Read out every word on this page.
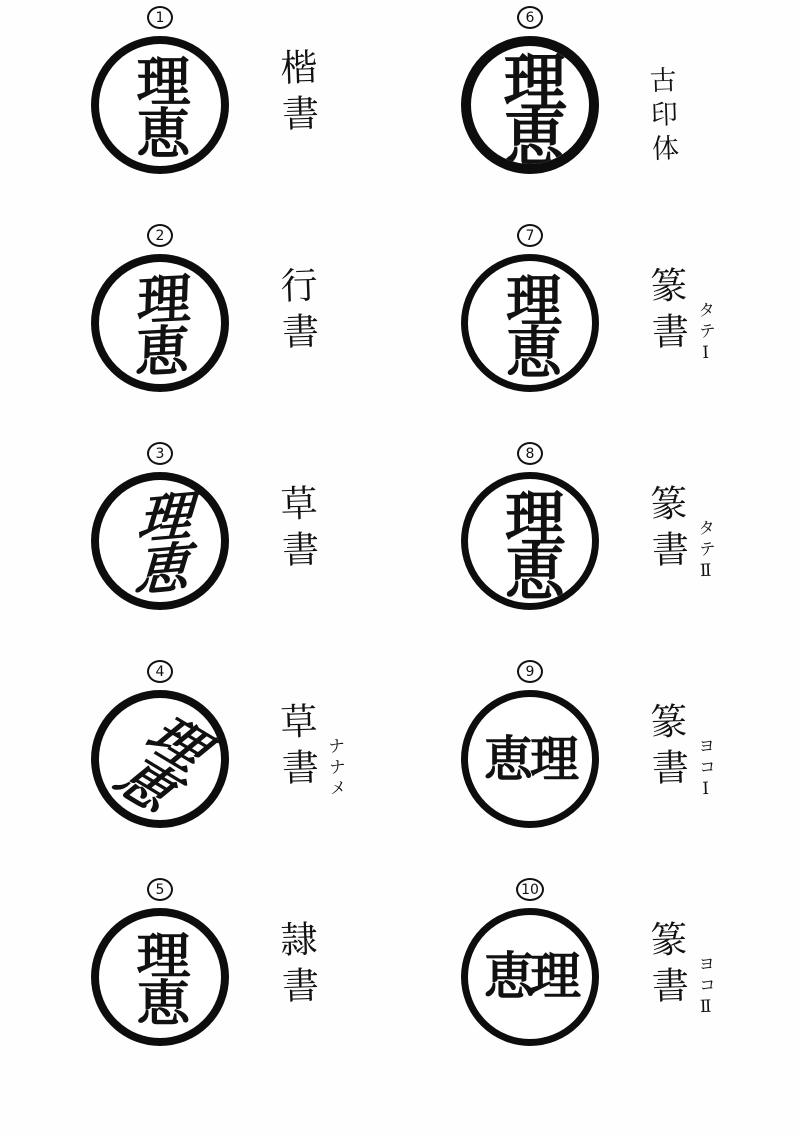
1
理恵 楷書
6
理恵	古印体
2
理恵 行書
7
理恵 篆書 タテⅠ
3
理恵 草書
8
理恵 篆書 タテⅡ
4
理恵 草書 ナナメ
9
恵理 篆書 ヨコⅠ
5
理恵 隷書
10
恵理 篆書 ヨコⅡ
